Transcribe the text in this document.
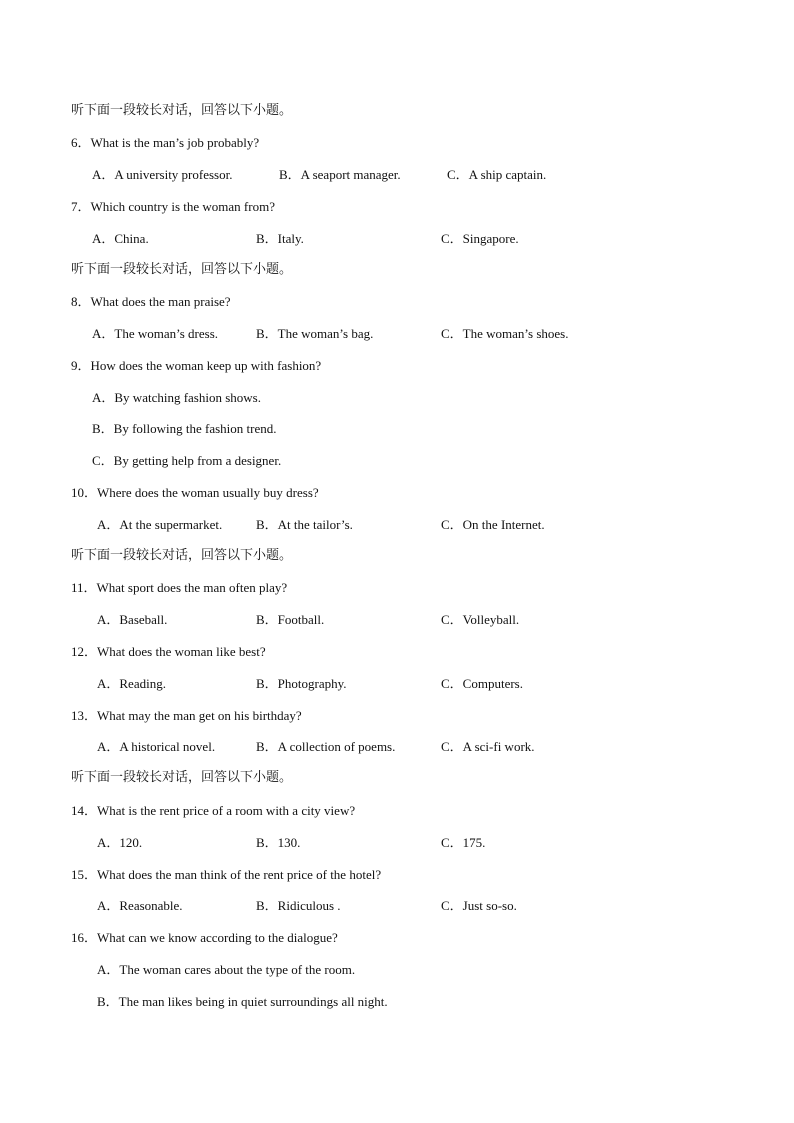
听下面一段较长对话，回答以下小题。
6．What is the man’s job probably?
A．A university professor.	B．A seaport manager.	C．A ship captain.
7．Which country is the woman from?
A．China.	B．Italy.	C．Singapore.
听下面一段较长对话，回答以下小题。
8．What does the man praise?
A．The woman’s dress.	B．The woman’s bag.	C．The woman’s shoes.
9．How does the woman keep up with fashion?
A．By watching fashion shows.
B．By following the fashion trend.
C．By getting help from a designer.
10．Where does the woman usually buy dress?
A．At the supermarket.	B．At the tailor’s.	C．On the Internet.
听下面一段较长对话，回答以下小题。
11．What sport does the man often play?
A．Baseball.	B．Football.	C．Volleyball.
12．What does the woman like best?
A．Reading.	B．Photography.	C．Computers.
13．What may the man get on his birthday?
A．A historical novel.	B．A collection of poems.	C．A sci-fi work.
听下面一段较长对话，回答以下小题。
14．What is the rent price of a room with a city view?
A．120.	B．130.	C．175.
15．What does the man think of the rent price of the hotel?
A．Reasonable.	B．Ridiculous .	C．Just so-so.
16．What can we know according to the dialogue?
A．The woman cares about the type of the room.
B．The man likes being in quiet surroundings all night.
